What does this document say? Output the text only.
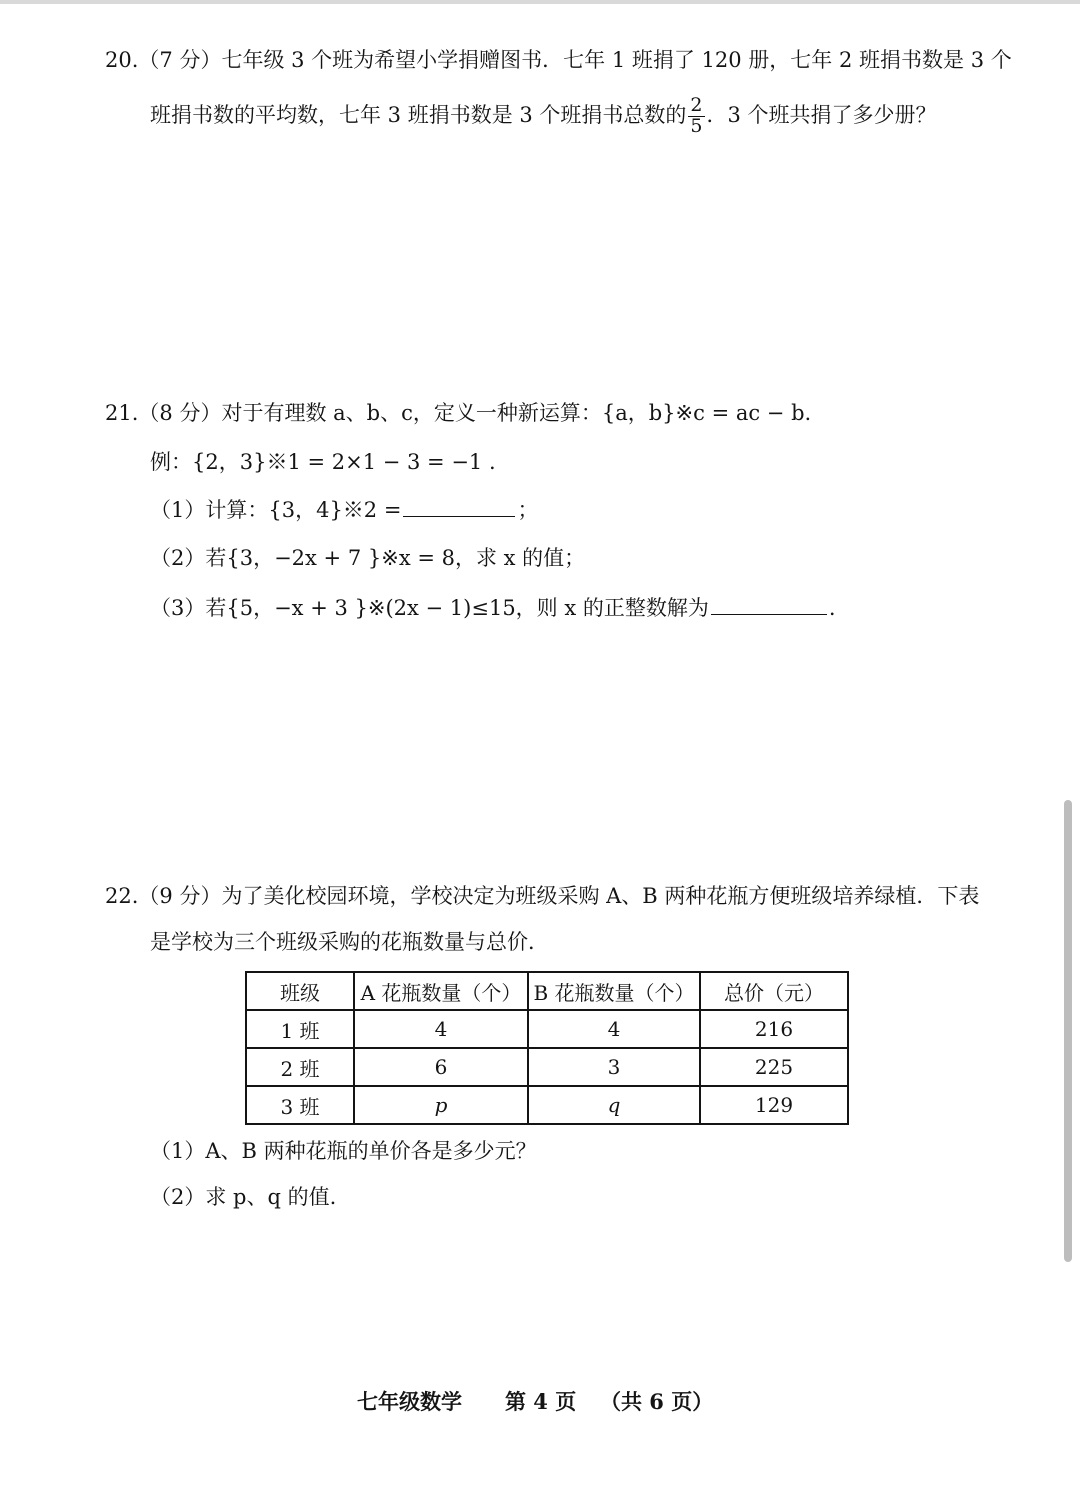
20.（7 分）七年级 3 个班为希望小学捐赠图书．七年 1 班捐了 120 册，七年 2 班捐书数是 3 个
班捐书数的平均数，七年 3 班捐书数是 3 个班捐书总数的 $\frac{2}{5}$ ．3 个班共捐了多少册？
21.（8 分）对于有理数 a、b、c，定义一种新运算：{a，b}※c = ac − b.
例：{2，3}※1 = 2×1 − 3 = −1 .
（1）计算：{3，4}※2 =	；
（2）若{3，−2x + 7 }※x = 8，求 x 的值；
（3）若{5，−x + 3 }※(2x − 1)≤15，则 x 的正整数解为	.
22.（9 分）为了美化校园环境，学校决定为班级采购 A、B 两种花瓶方便班级培养绿植．下表
是学校为三个班级采购的花瓶数量与总价．
班级	A 花瓶数量（个）	B 花瓶数量（个）	总价（元）
1 班	4	4	216
2 班	6	3	225
3 班	p	q	129
（1）A、B 两种花瓶的单价各是多少元？
（2）求 p、q 的值.
七年级数学 第 4 页 （共 6 页）
